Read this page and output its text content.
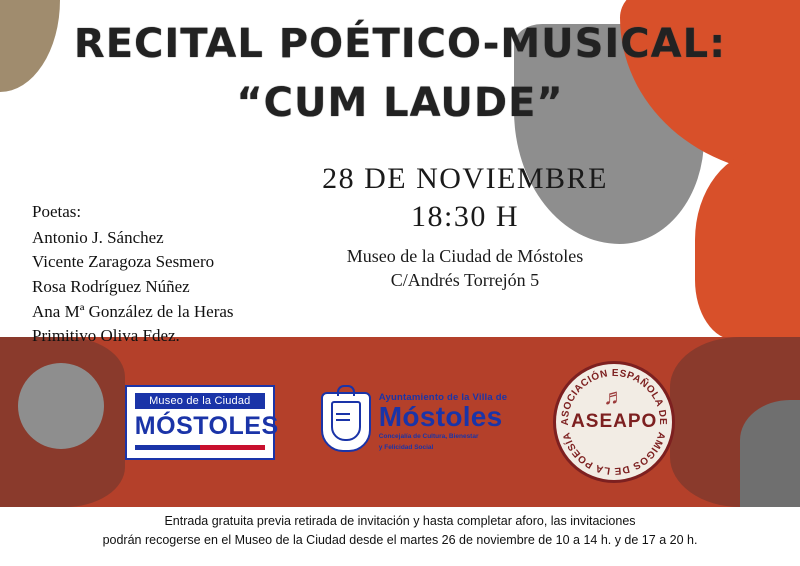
RECITAL POÉTICO-MUSICAL:
“CUM LAUDE”
28 DE NOVIEMBRE
18:30 H
Museo de la Ciudad de Móstoles
C/Andrés Torrejón 5
Poetas:
Antonio J. Sánchez
Vicente Zaragoza Sesmero
Rosa Rodríguez Núñez
Ana Mª González de la Heras
Primitivo Oliva Fdez.
Museo de la Ciudad
MÓSTOLES
Ayuntamiento de la Villa de
Móstoles
Concejalía de Cultura, Bienestar
y Felicidad Social
ASOCIACIÓN ESPAÑOLA DE
AMIGOS DE LA POESÍA
♬
ASEAPO
Entrada gratuita previa retirada de invitación y hasta completar aforo, las invitaciones
podrán recogerse en el Museo de la Ciudad desde el martes 26 de noviembre de 10 a 14 h. y de 17 a 20 h.
